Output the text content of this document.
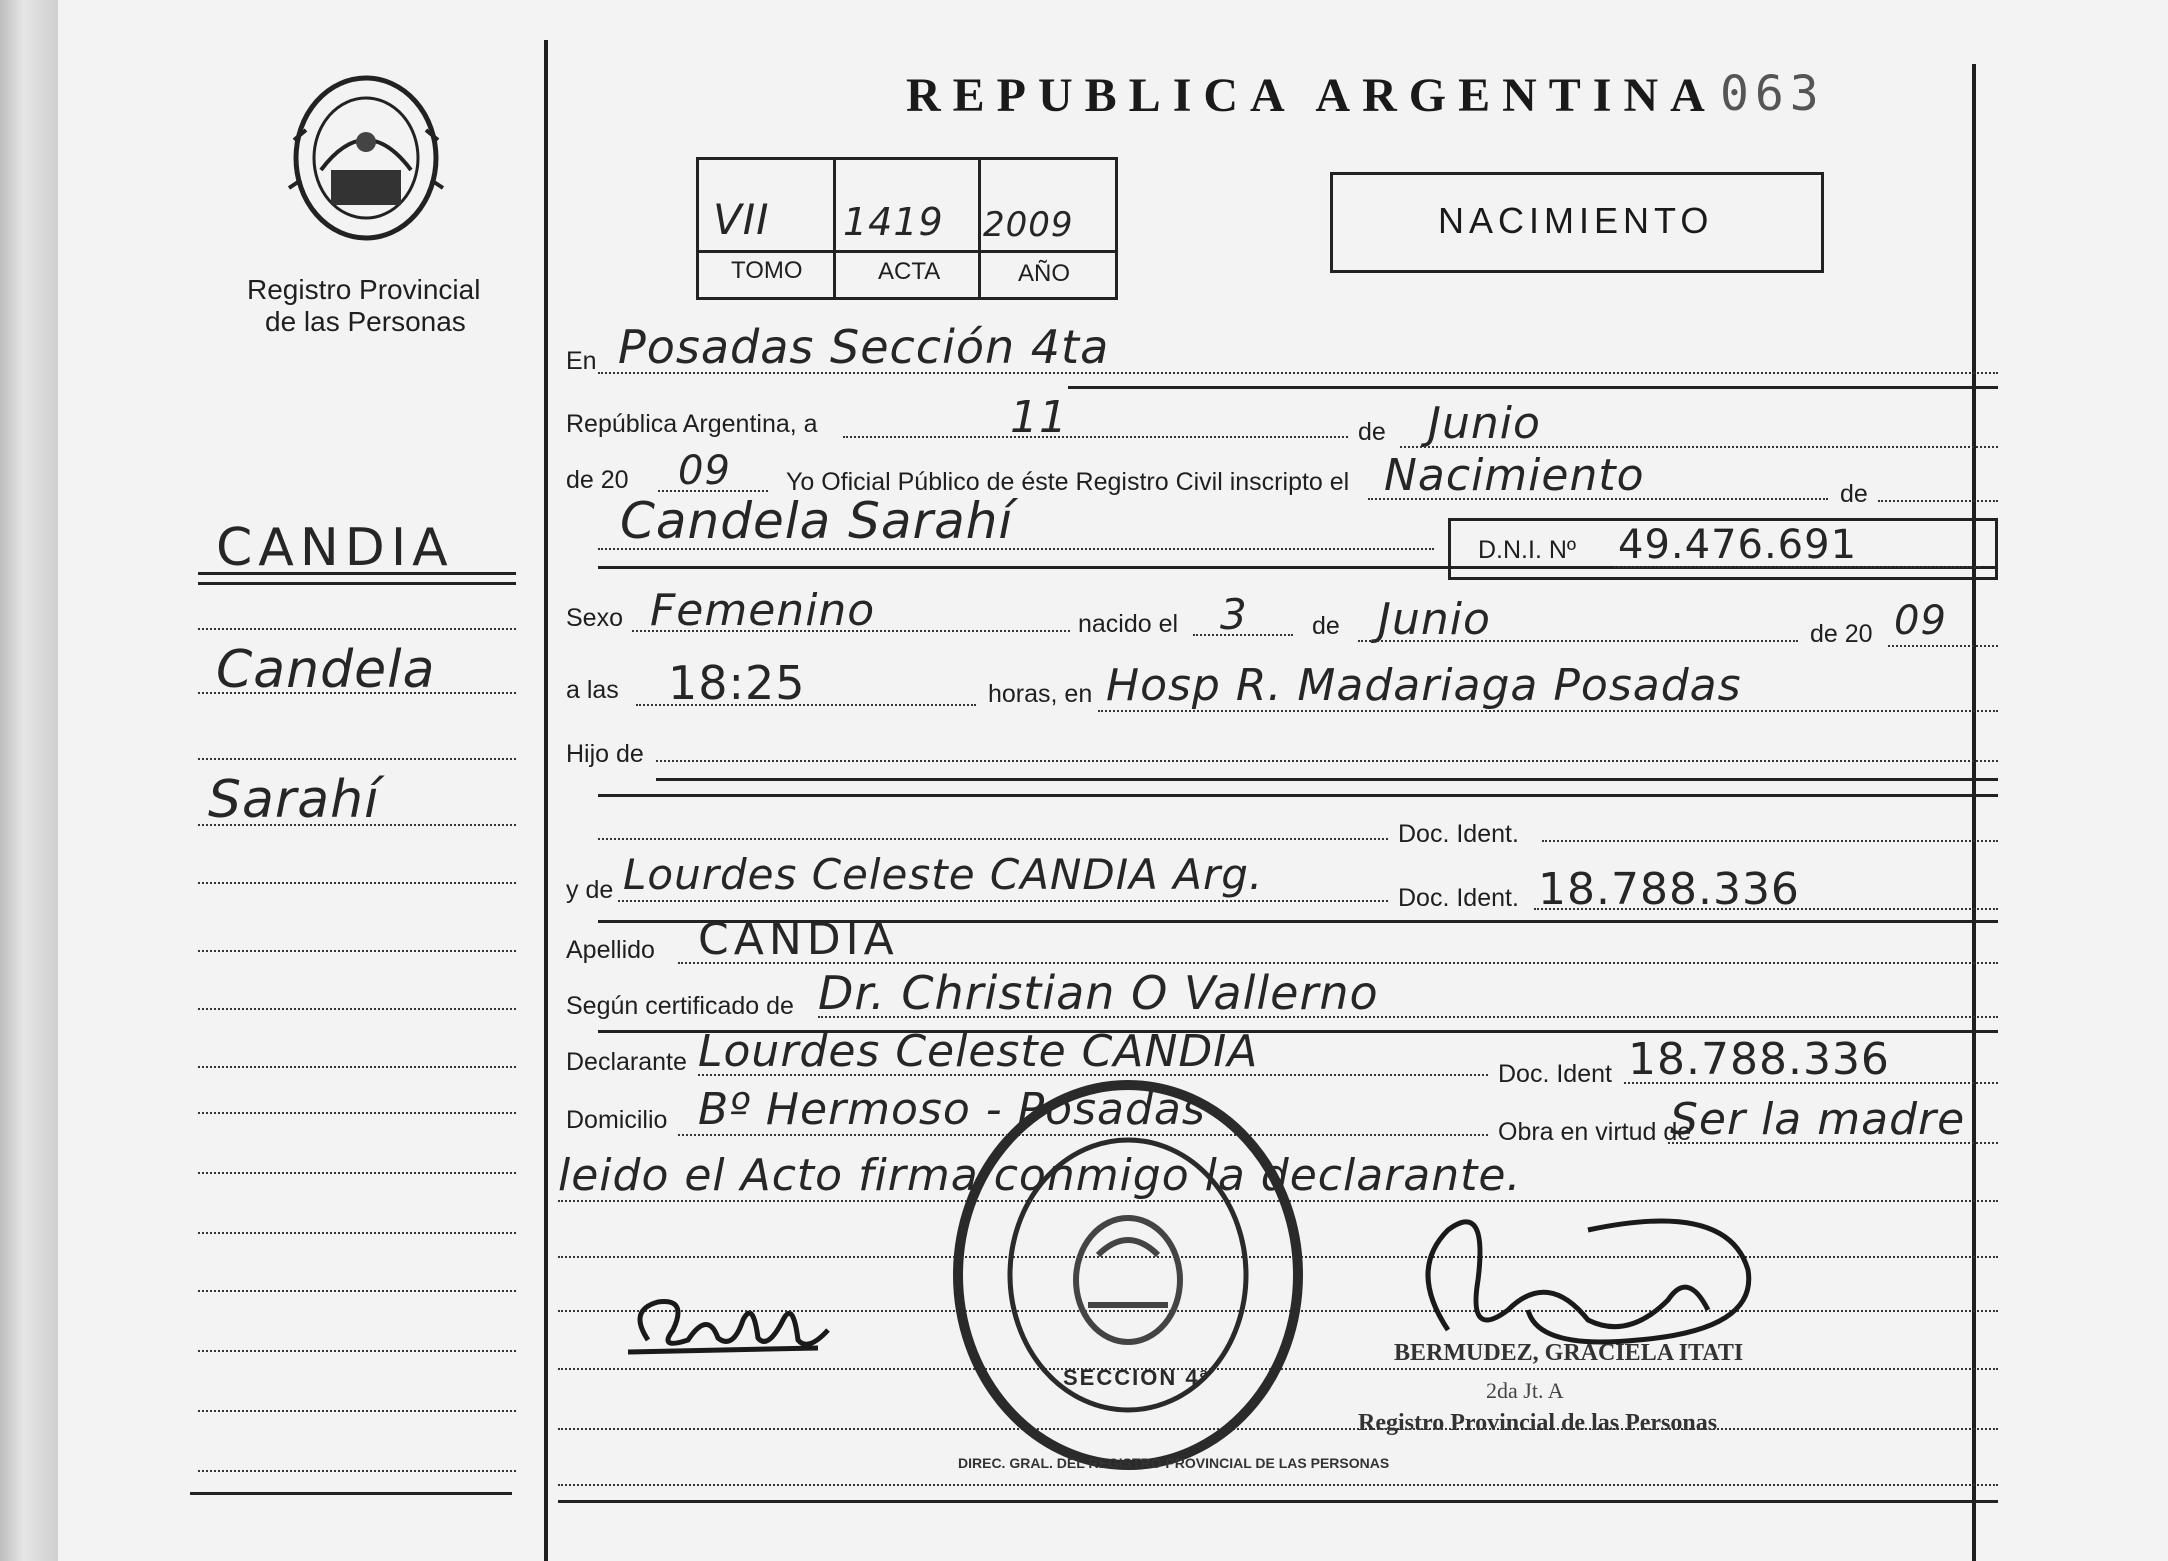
Registro Provincial
de las Personas
REPUBLICA ARGENTINA 063
VII 1419 2009
TOMO	ACTA	AÑO
NACIMIENTO
CANDIA
Candela
Sarahí
En Posadas Sección 4ta
República Argentina, a	11	de Junio
de 20 09 Yo Oficial Público de éste Registro Civil inscripto el Nacimiento	de
Candela Sarahí	D.N.I. Nº 49.476.691
Sexo Femenino	nacido el 3	de Junio	de 20 09
a las 18:25	horas, en Hosp R. Madariaga Posadas
Hijo de
Doc. Ident.
y de Lourdes Celeste CANDIA Arg.	Doc. Ident. 18.788.336
Apellido CANDIA
Según certificado de Dr. Christian O Vallerno
Declarante Lourdes Celeste CANDIA	Doc. Ident 18.788.336
Domicilio Bº Hermoso - Posadas	Obra en virtud de
Ser la madre
leido el Acto firma conmigo la declarante.
DIREC. GRAL. DEL REGISTRO PROVINCIAL DE LAS PERSONAS
SECCION 4ª
BERMUDEZ, GRACIELA ITATI
2da Jt. A
Registro Provincial de las Personas
